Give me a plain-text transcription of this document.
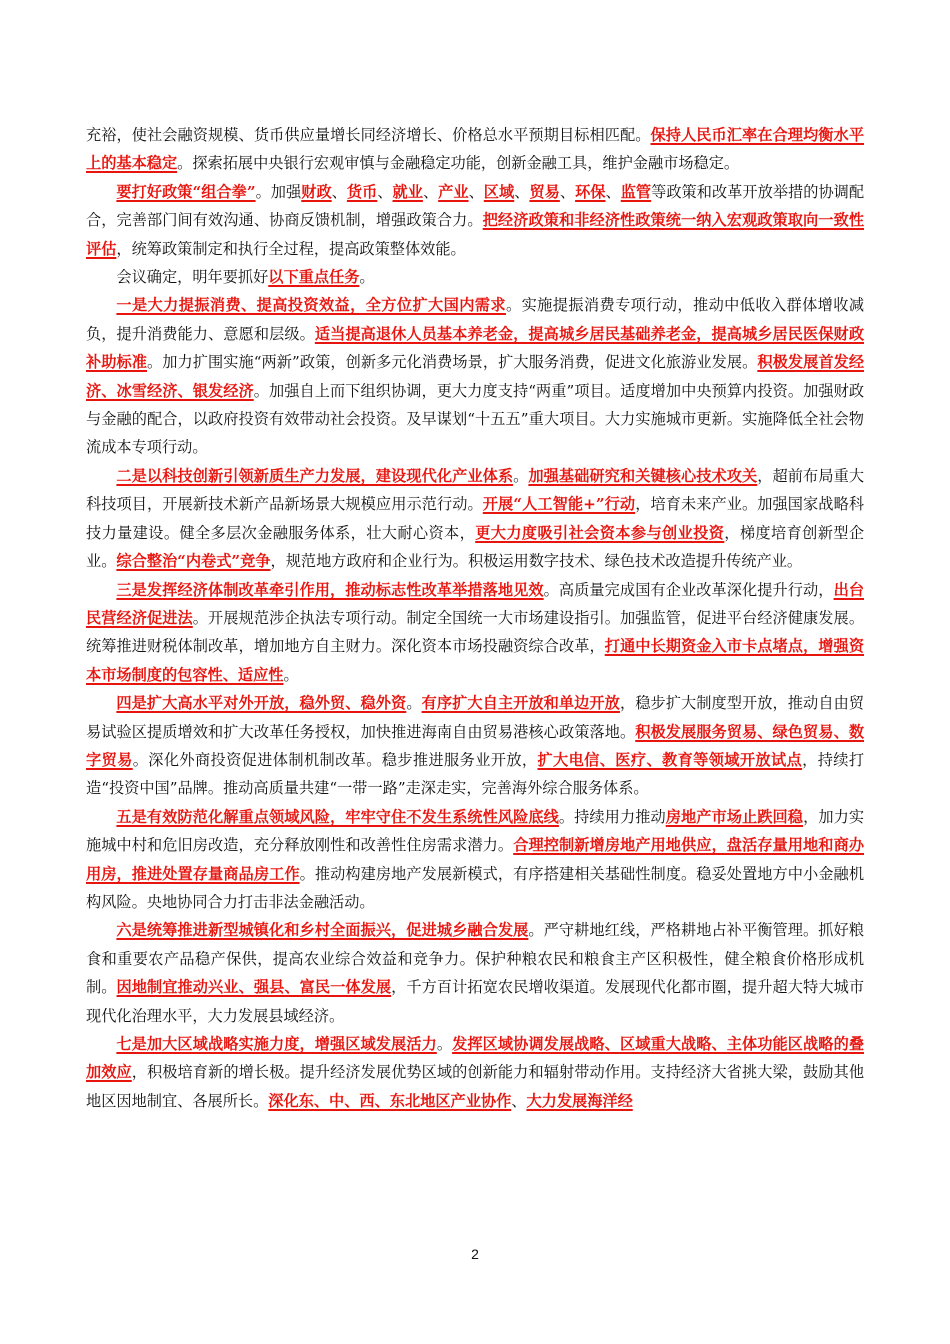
充裕，使社会融资规模、货币供应量增长同经济增长、价格总水平预期目标相匹配。保持人民币汇率在合理均衡水平上的基本稳定。探索拓展中央银行宏观审慎与金融稳定功能，创新金融工具，维护金融市场稳定。

要打好政策“组合拳”。加强财政、货币、就业、产业、区域、贸易、环保、监管等政策和改革开放举措的协调配合，完善部门间有效沟通、协商反馈机制，增强政策合力。把经济政策和非经济性政策统一纳入宏观政策取向一致性评估，统筹政策制定和执行全过程，提高政策整体效能。

会议确定，明年要抓好以下重点任务。

一是大力提振消费、提高投资效益，全方位扩大国内需求。实施提振消费专项行动，推动中低收入群体增收减负，提升消费能力、意愿和层级。适当提高退休人员基本养老金，提高城乡居民基础养老金，提高城乡居民医保财政补助标准。加力扩围实施“两新”政策，创新多元化消费场景，扩大服务消费，促进文化旅游业发展。积极发展首发经济、冰雪经济、银发经济。加强自上而下组织协调，更大力度支持“两重”项目。适度增加中央预算内投资。加强财政与金融的配合，以政府投资有效带动社会投资。及早谋划“十五五”重大项目。大力实施城市更新。实施降低全社会物流成本专项行动。

二是以科技创新引领新质生产力发展，建设现代化产业体系。加强基础研究和关键核心技术攻关，超前布局重大科技项目，开展新技术新产品新场景大规模应用示范行动。开展“人工智能+”行动，培育未来产业。加强国家战略科技力量建设。健全多层次金融服务体系，壮大耐心资本，更大力度吸引社会资本参与创业投资，梯度培育创新型企业。综合整治“内卷式”竞争，规范地方政府和企业行为。积极运用数字技术、绿色技术改造提升传统产业。

三是发挥经济体制改革牵引作用，推动标志性改革举措落地见效。高质量完成国有企业改革深化提升行动，出台民营经济促进法。开展规范涉企执法专项行动。制定全国统一大市场建设指引。加强监管，促进平台经济健康发展。统筹推进财税体制改革，增加地方自主财力。深化资本市场投融资综合改革，打通中长期资金入市卡点堵点，增强资本市场制度的包容性、适应性。

四是扩大高水平对外开放，稳外贸、稳外资。有序扩大自主开放和单边开放，稳步扩大制度型开放，推动自由贸易试验区提质增效和扩大改革任务授权，加快推进海南自由贸易港核心政策落地。积极发展服务贸易、绿色贸易、数字贸易。深化外商投资促进体制机制改革。稳步推进服务业开放，扩大电信、医疗、教育等领域开放试点，持续打造“投资中国”品牌。推动高质量共建“一带一路”走深走实，完善海外综合服务体系。

五是有效防范化解重点领域风险，牢牢守住不发生系统性风险底线。持续用力推动房地产市场止跌回稳，加力实施城中村和危旧房改造，充分释放刚性和改善性住房需求潜力。合理控制新增房地产用地供应，盘活存量用地和商办用房，推进处置存量商品房工作。推动构建房地产发展新模式，有序搭建相关基础性制度。稳妥处置地方中小金融机构风险。央地协同合力打击非法金融活动。

六是统筹推进新型城镇化和乡村全面振兴，促进城乡融合发展。严守耕地红线，严格耕地占补平衡管理。抓好粮食和重要农产品稳产保供，提高农业综合效益和竞争力。保护种粮农民和粮食主产区积极性，健全粮食价格形成机制。因地制宜推动兴业、强县、富民一体发展，千方百计拓宽农民增收渠道。发展现代化都市圈，提升超大特大城市现代化治理水平，大力发展县域经济。

七是加大区域战略实施力度，增强区域发展活力。发挥区域协调发展战略、区域重大战略、主体功能区战略的叠加效应，积极培育新的增长极。提升经济发展优势区域的创新能力和辐射带动作用。支持经济大省挑大梁，鼓励其他地区因地制宜、各展所长。深化东、中、西、东北地区产业协作、大力发展海洋经

2
